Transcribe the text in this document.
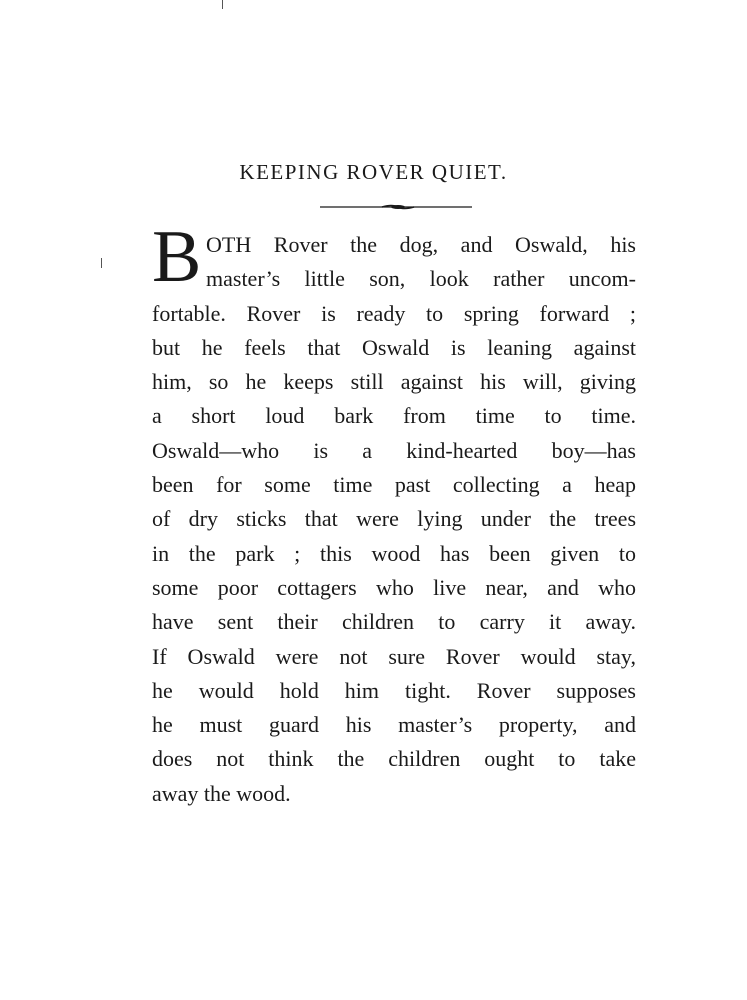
KEEPING ROVER QUIET.
B OTH Rover the dog, and Oswald, his
master’s little son, look rather uncom-
fortable. Rover is ready to spring forward ;
but he feels that Oswald is leaning against
him, so he keeps still against his will, giving
a short loud bark from time to time.
Oswald—who is a kind-hearted boy—has
been for some time past collecting a heap
of dry sticks that were lying under the trees
in the park ; this wood has been given to
some poor cottagers who live near, and who
have sent their children to carry it away.
If Oswald were not sure Rover would stay,
he would hold him tight. Rover supposes
he must guard his master’s property, and
does not think the children ought to take
away the wood.
